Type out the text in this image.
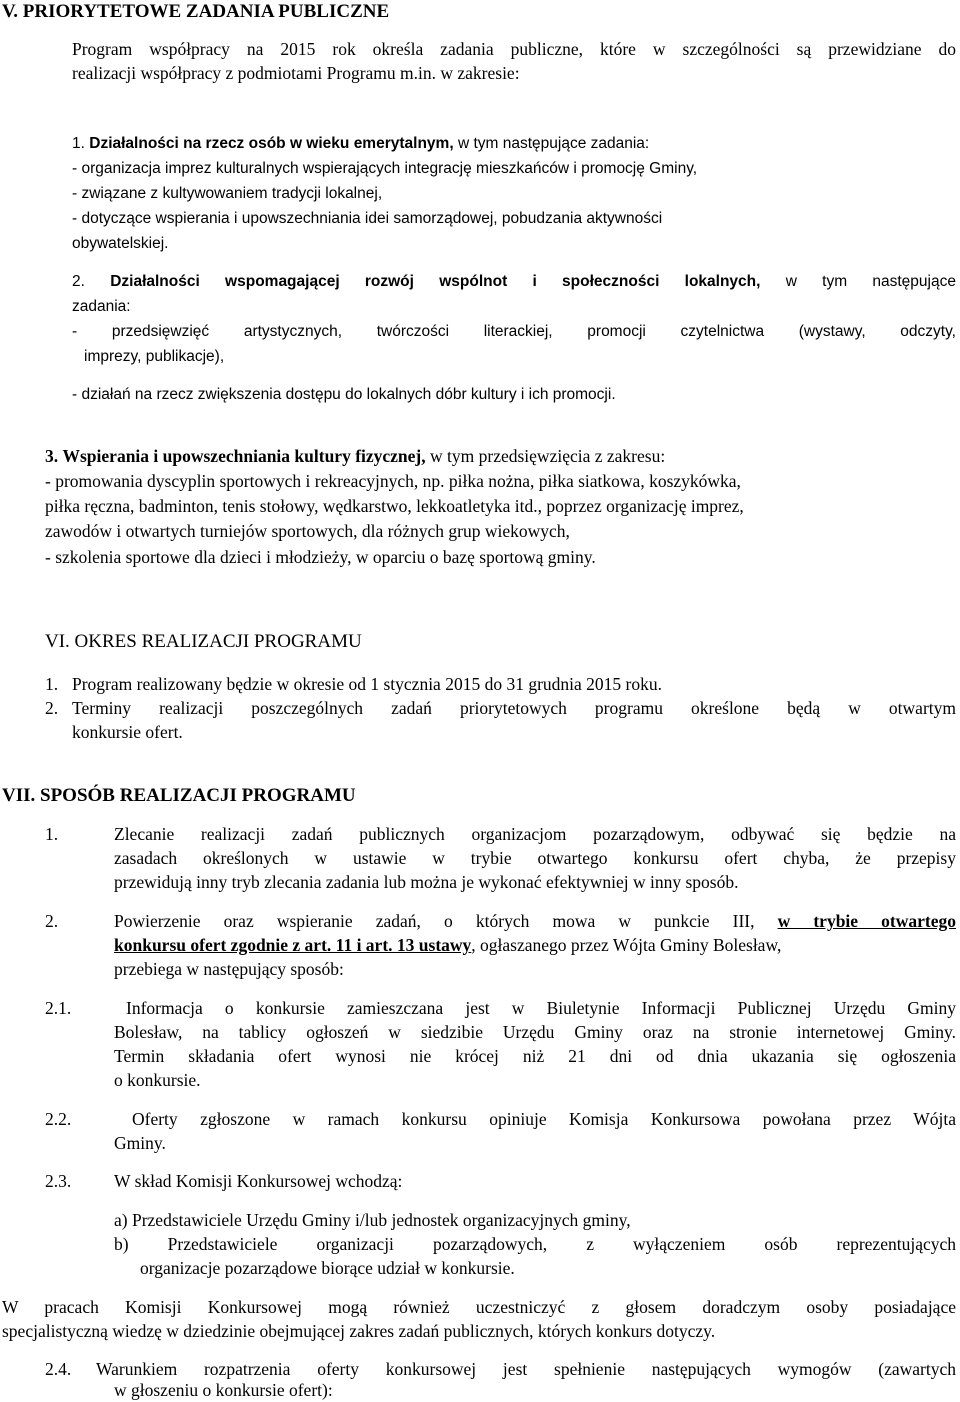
V. PRIORYTETOWE ZADANIA PUBLICZNE
Program współpracy na 2015 rok określa zadania publiczne, które w szczególności są przewidziane do
realizacji współpracy z podmiotami Programu m.in. w zakresie:
1. Działalności na rzecz osób w wieku emerytalnym, w tym następujące zadania:
- organizacja imprez kulturalnych wspierających integrację mieszkańców i promocję Gminy,
- związane z kultywowaniem tradycji lokalnej,
- dotyczące wspierania i upowszechniania idei samorządowej, pobudzania aktywności
obywatelskiej.
2. Działalności wspomagającej rozwój wspólnot i społeczności lokalnych, w tym następujące
zadania:
- przedsięwzięć artystycznych, twórczości literackiej, promocji czytelnictwa (wystawy, odczyty,
imprezy, publikacje),
- działań na rzecz zwiększenia dostępu do lokalnych dóbr kultury i ich promocji.
3. Wspierania i upowszechniania kultury fizycznej, w tym przedsięwzięcia z zakresu:
- promowania dyscyplin sportowych i rekreacyjnych, np. piłka nożna, piłka siatkowa, koszykówka,
piłka ręczna, badminton, tenis stołowy, wędkarstwo, lekkoatletyka itd., poprzez organizację imprez,
zawodów i otwartych turniejów sportowych, dla różnych grup wiekowych,
- szkolenia sportowe dla dzieci i młodzieży, w oparciu o bazę sportową gminy.
VI. OKRES REALIZACJI PROGRAMU
1. Program realizowany będzie w okresie od 1 stycznia 2015 do 31 grudnia 2015 roku.
2. Terminy realizacji poszczególnych zadań priorytetowych programu określone będą w otwartym
konkursie ofert.
VII. SPOSÓB REALIZACJI PROGRAMU
1.	Zlecanie realizacji zadań publicznych organizacjom pozarządowym, odbywać się będzie na
zasadach określonych w ustawie w trybie otwartego konkursu ofert chyba, że przepisy
przewidują inny tryb zlecania zadania lub można je wykonać efektywniej w inny sposób.
2.	Powierzenie oraz wspieranie zadań, o których mowa w punkcie III, w trybie otwartego
konkursu ofert zgodnie z art. 11 i art. 13 ustawy, ogłaszanego przez Wójta Gminy Bolesław,
przebiega w następujący sposób:
2.1.	Informacja o konkursie zamieszczana jest w Biuletynie Informacji Publicznej Urzędu Gminy
Bolesław, na tablicy ogłoszeń w siedzibie Urzędu Gminy oraz na stronie internetowej Gminy.
Termin składania ofert wynosi nie krócej niż 21 dni od dnia ukazania się ogłoszenia
o konkursie.
2.2.	Oferty zgłoszone w ramach konkursu opiniuje Komisja Konkursowa powołana przez Wójta
Gminy.
2.3. W skład Komisji Konkursowej wchodzą:
a) Przedstawiciele Urzędu Gminy i/lub jednostek organizacyjnych gminy,
b) Przedstawiciele organizacji pozarządowych, z wyłączeniem osób reprezentujących
organizacje pozarządowe biorące udział w konkursie.
W pracach Komisji Konkursowej mogą również uczestniczyć z głosem doradczym osoby posiadające
specjalistyczną wiedzę w dziedzinie obejmującej zakres zadań publicznych, których konkurs dotyczy.
2.4. Warunkiem rozpatrzenia oferty konkursowej jest spełnienie następujących wymogów (zawartych
w głoszeniu o konkursie ofert):
